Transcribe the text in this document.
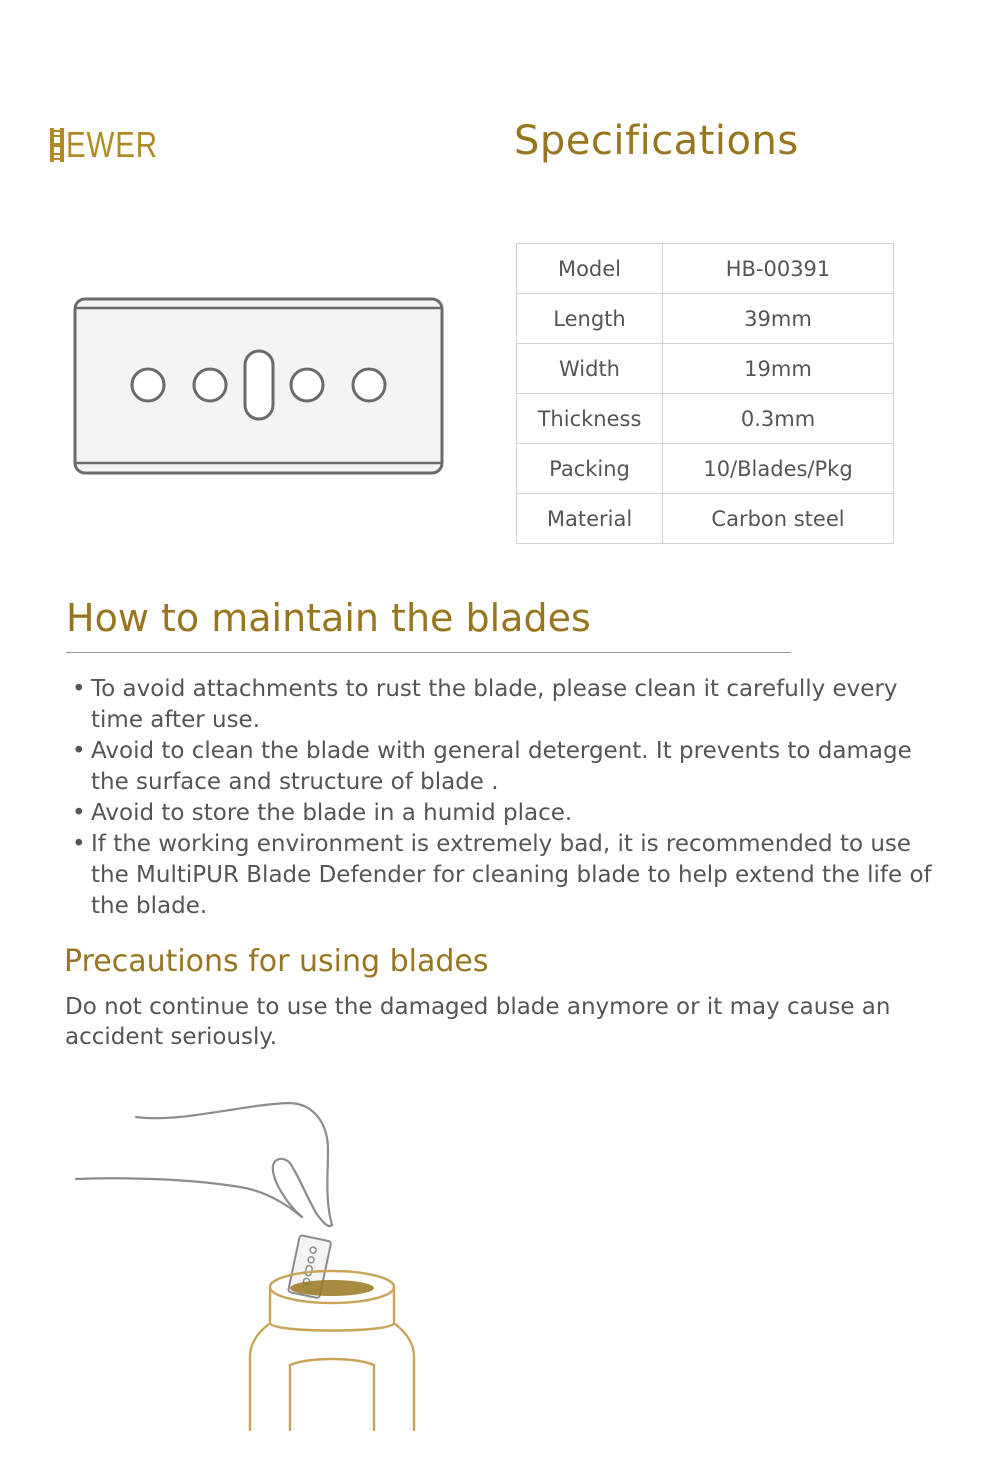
EWER	Specifications
Model	HB-00391
Length	39mm
Width	19mm
Thickness	0.3mm
Packing	10/Blades/Pkg
Material	Carbon steel
How to maintain the blades
• To avoid attachments to rust the blade, please clean it carefully every time after use.
• Avoid to clean the blade with general detergent. It prevents to damage the surface and structure of blade .
• Avoid to store the blade in a humid place.
• If the working environment is extremely bad, it is recommended to use the MultiPUR Blade Defender for cleaning blade to help extend the life of the blade.
Precautions for using blades
Do not continue to use the damaged blade anymore or it may cause an accident seriously.
